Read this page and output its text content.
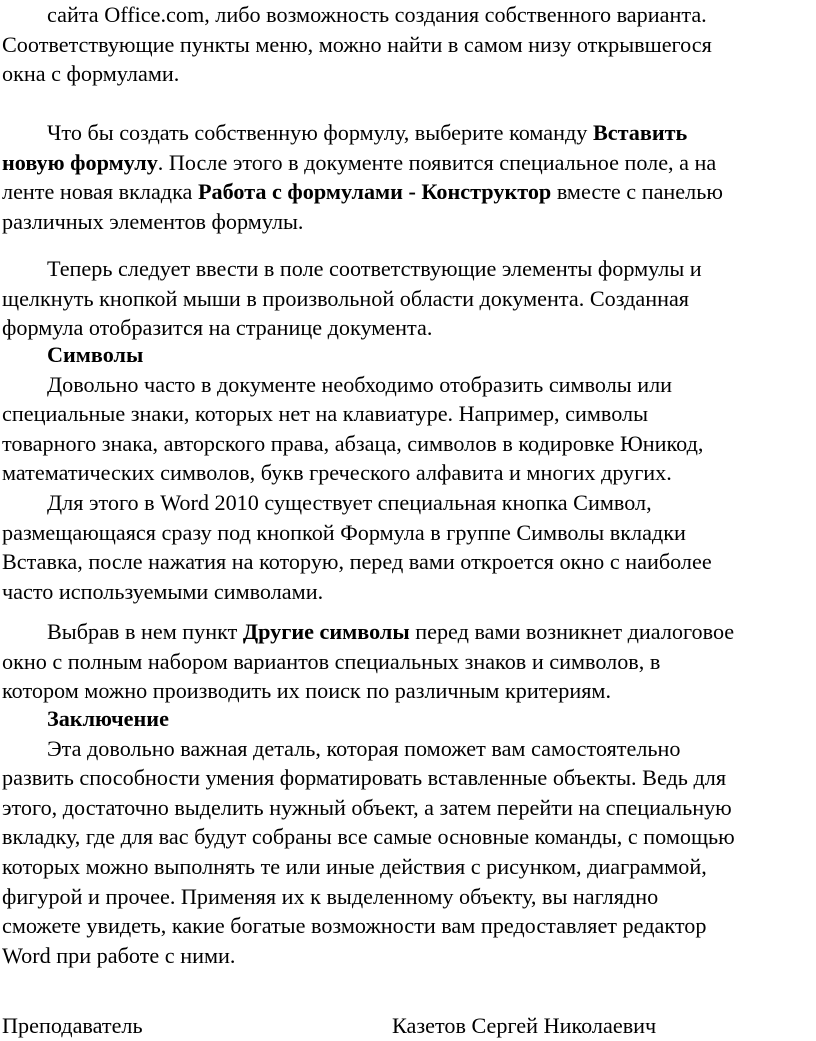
сайта Office.com, либо возможность создания собственного варианта.
Соответствующие пункты меню, можно найти в самом низу открывшегося
окна с формулами.
Что бы создать собственную формулу, выберите команду Вставить
новую формулу. После этого в документе появится специальное поле, а на
ленте новая вкладка Работа с формулами - Конструктор вместе с панелью
различных элементов формулы.
Теперь следует ввести в поле соответствующие элементы формулы и
щелкнуть кнопкой мыши в произвольной области документа. Созданная
формула отобразится на странице документа.
Символы
Довольно часто в документе необходимо отобразить символы или
специальные знаки, которых нет на клавиатуре. Например, символы
товарного знака, авторского права, абзаца, символов в кодировке Юникод,
математических символов, букв греческого алфавита и многих других.
Для этого в Word 2010 существует специальная кнопка Символ,
размещающаяся сразу под кнопкой Формула в группе Символы вкладки
Вставка, после нажатия на которую, перед вами откроется окно с наиболее
часто используемыми символами.
Выбрав в нем пункт Другие символы перед вами возникнет диалоговое
окно с полным набором вариантов специальных знаков и символов, в
котором можно производить их поиск по различным критериям.
Заключение
Эта довольно важная деталь, которая поможет вам самостоятельно
развить способности умения форматировать вставленные объекты. Ведь для
этого, достаточно выделить нужный объект, а затем перейти на специальную
вкладку, где для вас будут собраны все самые основные команды, с помощью
которых можно выполнять те или иные действия с рисунком, диаграммой,
фигурой и прочее. Применяя их к выделенному объекту, вы наглядно
сможете увидеть, какие богатые возможности вам предоставляет редактор
Word при работе с ними.
Преподаватель	Казетов Сергей Николаевич
